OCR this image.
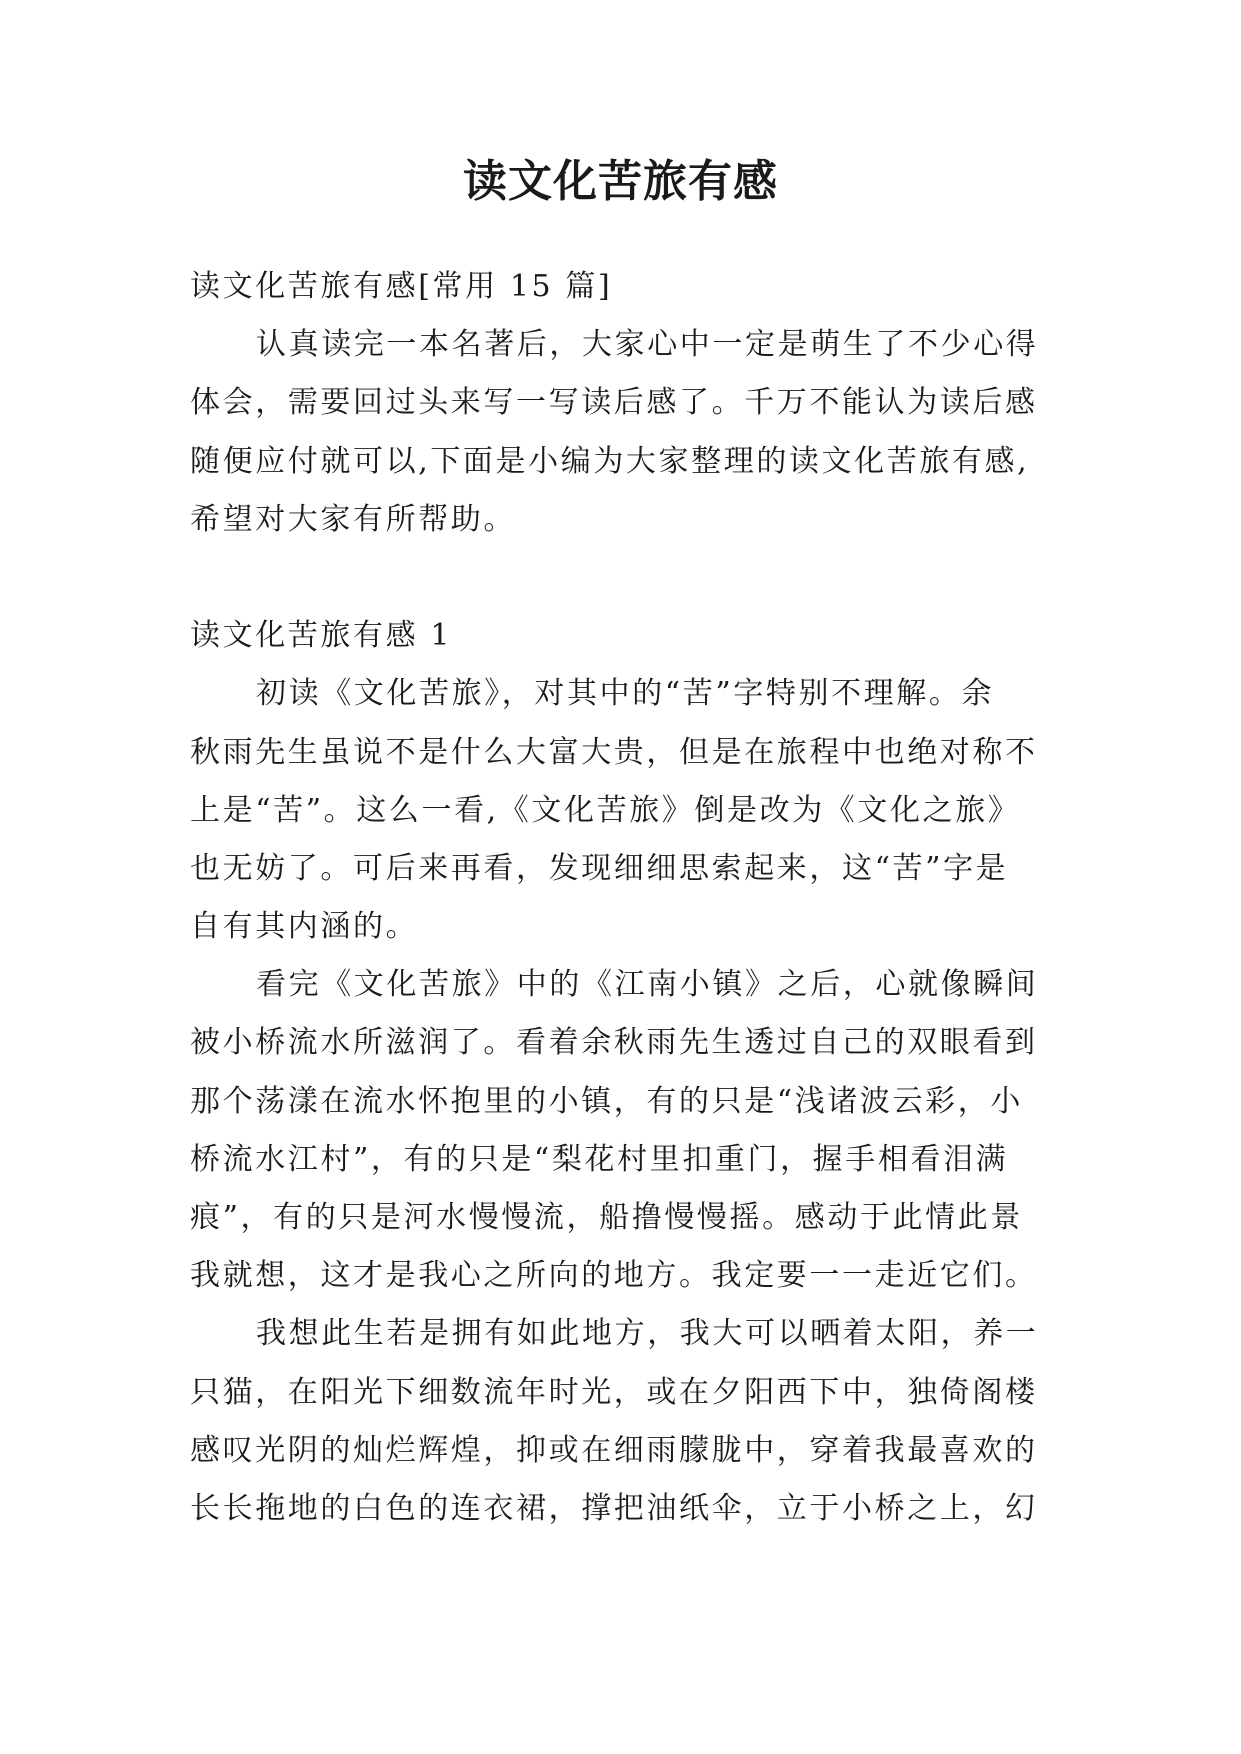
读文化苦旅有感
读文化苦旅有感[常用 15 篇]
认真读完一本名著后，大家心中一定是萌生了不少心得
体会，需要回过头来写一写读后感了。千万不能认为读后感
随便应付就可以,下面是小编为大家整理的读文化苦旅有感,
希望对大家有所帮助。
读文化苦旅有感 1
初读《文化苦旅》，对其中的“苦”字特别不理解。余
秋雨先生虽说不是什么大富大贵，但是在旅程中也绝对称不
上是“苦”。这么一看,《文化苦旅》倒是改为《文化之旅》
也无妨了。可后来再看，发现细细思索起来，这“苦”字是
自有其内涵的。
看完《文化苦旅》中的《江南小镇》之后，心就像瞬间
被小桥流水所滋润了。看着余秋雨先生透过自己的双眼看到
那个荡漾在流水怀抱里的小镇，有的只是“浅诸波云彩，小
桥流水江村”，有的只是“梨花村里扣重门，握手相看泪满
痕”，有的只是河水慢慢流，船撸慢慢摇。感动于此情此景
我就想，这才是我心之所向的地方。我定要一一走近它们。
我想此生若是拥有如此地方，我大可以晒着太阳，养一
只猫，在阳光下细数流年时光，或在夕阳西下中，独倚阁楼
感叹光阴的灿烂辉煌，抑或在细雨朦胧中，穿着我最喜欢的
长长拖地的白色的连衣裙，撑把油纸伞，立于小桥之上，幻
